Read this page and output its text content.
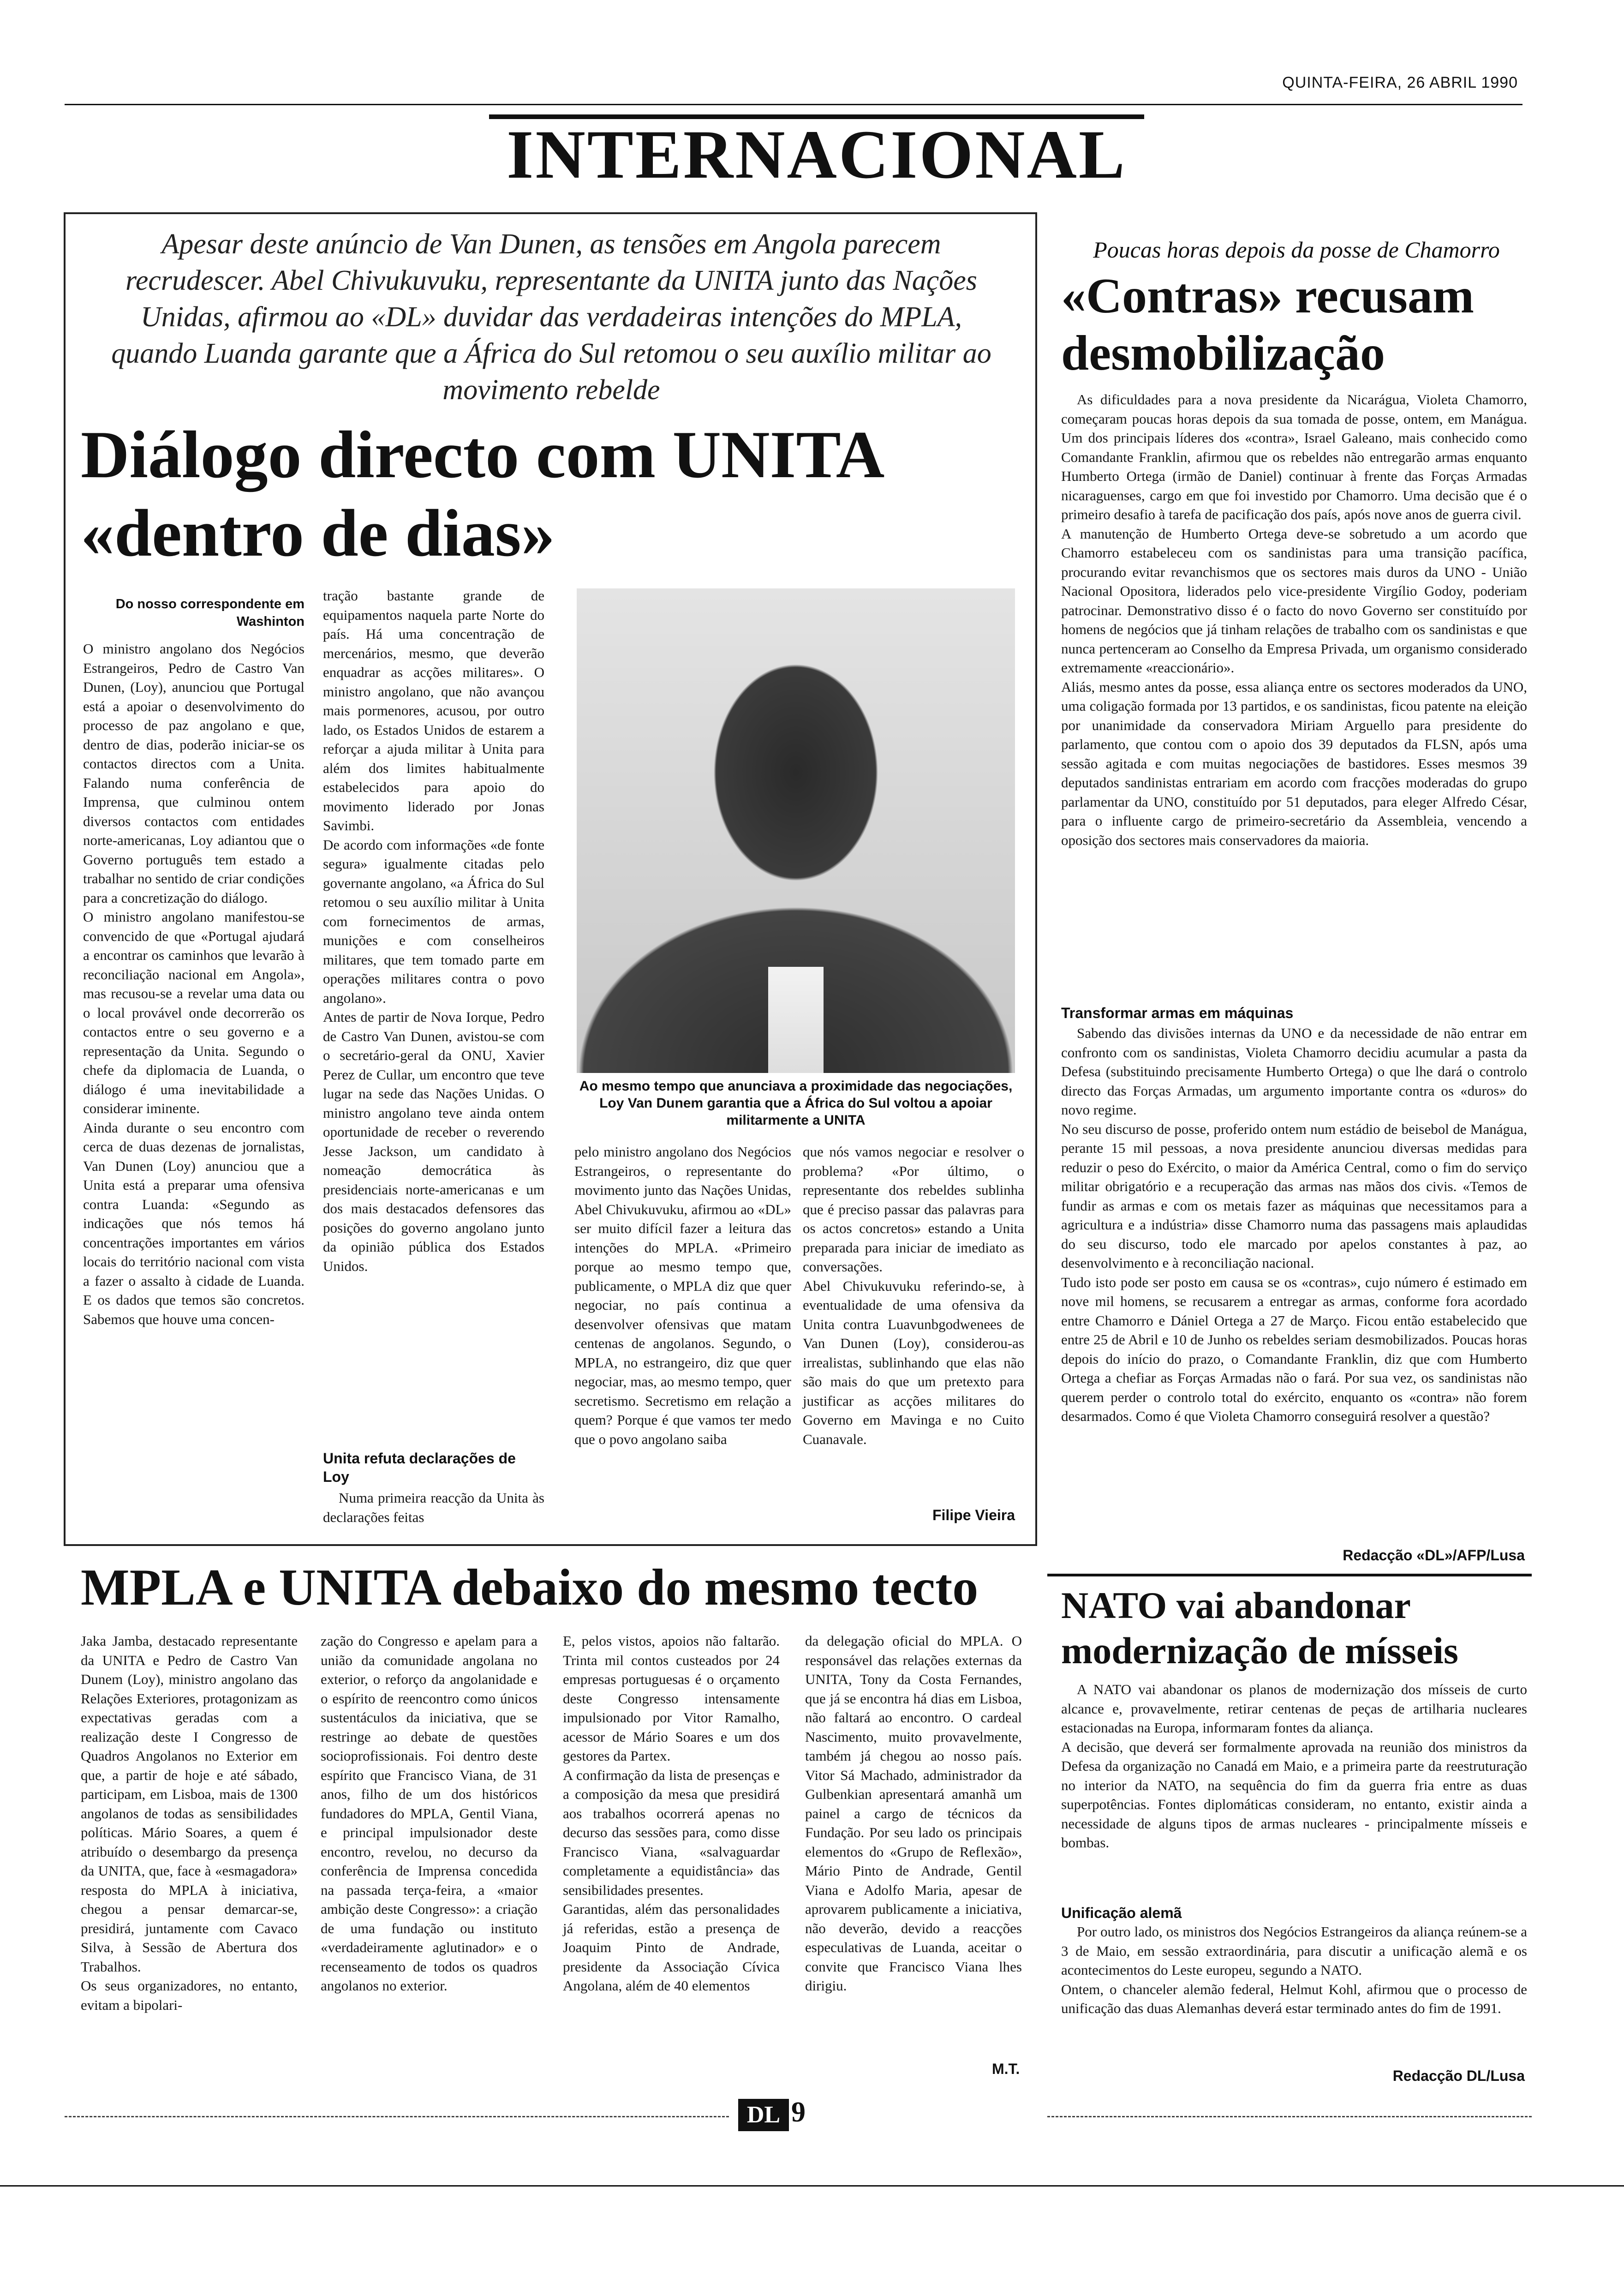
QUINTA-FEIRA, 26 ABRIL 1990
INTERNACIONAL
Apesar deste anúncio de Van Dunen, as tensões em Angola parecem recrudescer. Abel Chivukuvuku, representante da UNITA junto das Nações Unidas, afirmou ao «DL» duvidar das verdadeiras intenções do MPLA, quando Luanda garante que a África do Sul retomou o seu auxílio militar ao movimento rebelde
Diálogo directo com UNITA «dentro de dias»
Do nosso correspondente em Washinton
O ministro angolano dos Negócios Estrangeiros, Pedro de Castro Van Dunen, (Loy), anunciou que Portugal está a apoiar o desenvolvimento do processo de paz angolano e que, dentro de dias, poderão iniciar-se os contactos directos com a Unita. Falando numa conferência de Imprensa, que culminou ontem diversos contactos com entidades norte-americanas, Loy adiantou que o Governo português tem estado a trabalhar no sentido de criar condições para a concretização do diálogo.
O ministro angolano manifestou-se convencido de que «Portugal ajudará a encontrar os caminhos que levarão à reconciliação nacional em Angola», mas recusou-se a revelar uma data ou o local provável onde decorrerão os contactos entre o seu governo e a representação da Unita. Segundo o chefe da diplomacia de Luanda, o diálogo é uma inevitabilidade a considerar iminente.
Ainda durante o seu encontro com cerca de duas dezenas de jornalistas, Van Dunen (Loy) anunciou que a Unita está a preparar uma ofensiva contra Luanda: «Segundo as indicações que nós temos há concentrações importantes em vários locais do território nacional com vista a fazer o assalto à cidade de Luanda. E os dados que temos são concretos. Sabemos que houve uma concen-
tração bastante grande de equipamentos naquela parte Norte do país. Há uma concentração de mercenários, mesmo, que deverão enquadrar as acções militares». O ministro angolano, que não avançou mais pormenores, acusou, por outro lado, os Estados Unidos de estarem a reforçar a ajuda militar à Unita para além dos limites habitualmente estabelecidos para apoio do movimento liderado por Jonas Savimbi.
De acordo com informações «de fonte segura» igualmente citadas pelo governante angolano, «a África do Sul retomou o seu auxílio militar à Unita com fornecimentos de armas, munições e com conselheiros militares, que tem tomado parte em operações militares contra o povo angolano».
Antes de partir de Nova Iorque, Pedro de Castro Van Dunen, avistou-se com o secretário-geral da ONU, Xavier Perez de Cullar, um encontro que teve lugar na sede das Nações Unidas. O ministro angolano teve ainda ontem oportunidade de receber o reverendo Jesse Jackson, um candidato à nomeação democrática às presidenciais norte-americanas e um dos mais destacados defensores das posições do governo angolano junto da opinião pública dos Estados Unidos.
Unita refuta declarações de Loy
Numa primeira reacção da Unita às declarações feitas
Ao mesmo tempo que anunciava a proximidade das negociações, Loy Van Dunem garantia que a África do Sul voltou a apoiar militarmente a UNITA
pelo ministro angolano dos Negócios Estrangeiros, o representante do movimento junto das Nações Unidas, Abel Chivukuvuku, afirmou ao «DL» ser muito difícil fazer a leitura das intenções do MPLA. «Primeiro porque ao mesmo tempo que, publicamente, o MPLA diz que quer negociar, no país continua a desenvolver ofensivas que matam centenas de angolanos. Segundo, o MPLA, no estrangeiro, diz que quer negociar, mas, ao mesmo tempo, quer secretismo. Secretismo em relação a quem? Porque é que vamos ter medo que o povo angolano saiba
que nós vamos negociar e resolver o problema? «Por último, o representante dos rebeldes sublinha que é preciso passar das palavras para os actos concretos» estando a Unita preparada para iniciar de imediato as conversações.
Abel Chivukuvuku referindo-se, à eventualidade de uma ofensiva da Unita contra Luavunbgodwenees de Van Dunen (Loy), considerou-as irrealistas, sublinhando que elas não são mais do que um pretexto para justificar as acções militares do Governo em Mavinga e no Cuito Cuanavale.
Filipe Vieira
MPLA e UNITA debaixo do mesmo tecto
Jaka Jamba, destacado representante da UNITA e Pedro de Castro Van Dunem (Loy), ministro angolano das Relações Exteriores, protagonizam as expectativas geradas com a realização deste I Congresso de Quadros Angolanos no Exterior em que, a partir de hoje e até sábado, participam, em Lisboa, mais de 1300 angolanos de todas as sensibilidades políticas. Mário Soares, a quem é atribuído o desembargo da presença da UNITA, que, face à «esmagadora» resposta do MPLA à iniciativa, chegou a pensar demarcar-se, presidirá, juntamente com Cavaco Silva, à Sessão de Abertura dos Trabalhos.
Os seus organizadores, no entanto, evitam a bipolari-
zação do Congresso e apelam para a união da comunidade angolana no exterior, o reforço da angolanidade e o espírito de reencontro como únicos sustentáculos da iniciativa, que se restringe ao debate de questões socioprofissionais. Foi dentro deste espírito que Francisco Viana, de 31 anos, filho de um dos históricos fundadores do MPLA, Gentil Viana, e principal impulsionador deste encontro, revelou, no decurso da conferência de Imprensa concedida na passada terça-feira, a «maior ambição deste Congresso»: a criação de uma fundação ou instituto «verdadeiramente aglutinador» e o recenseamento de todos os quadros angolanos no exterior.
E, pelos vistos, apoios não faltarão. Trinta mil contos custeados por 24 empresas portuguesas é o orçamento deste Congresso intensamente impulsionado por Vitor Ramalho, acessor de Mário Soares e um dos gestores da Partex.
A confirmação da lista de presenças e a composição da mesa que presidirá aos trabalhos ocorrerá apenas no decurso das sessões para, como disse Francisco Viana, «salvaguardar completamente a equidistância» das sensibilidades presentes.
Garantidas, além das personalidades já referidas, estão a presença de Joaquim Pinto de Andrade, presidente da Associação Cívica Angolana, além de 40 elementos
da delegação oficial do MPLA. O responsável das relações externas da UNITA, Tony da Costa Fernandes, que já se encontra há dias em Lisboa, não faltará ao encontro. O cardeal Nascimento, muito provavelmente, também já chegou ao nosso país. Vitor Sá Machado, administrador da Gulbenkian apresentará amanhã um painel a cargo de técnicos da Fundação. Por seu lado os principais elementos do «Grupo de Reflexão», Mário Pinto de Andrade, Gentil Viana e Adolfo Maria, apesar de aprovarem publicamente a iniciativa, não deverão, devido a reacções especulativas de Luanda, aceitar o convite que Francisco Viana lhes dirigiu.
M.T.
Poucas horas depois da posse de Chamorro
«Contras» recusam desmobilização
As dificuldades para a nova presidente da Nicarágua, Violeta Chamorro, começaram poucas horas depois da sua tomada de posse, ontem, em Manágua. Um dos principais líderes dos «contra», Israel Galeano, mais conhecido como Comandante Franklin, afirmou que os rebeldes não entregarão armas enquanto Humberto Ortega (irmão de Daniel) continuar à frente das Forças Armadas nicaraguenses, cargo em que foi investido por Chamorro. Uma decisão que é o primeiro desafio à tarefa de pacificação dos país, após nove anos de guerra civil.
A manutenção de Humberto Ortega deve-se sobretudo a um acordo que Chamorro estabeleceu com os sandinistas para uma transição pacífica, procurando evitar revanchismos que os sectores mais duros da UNO - União Nacional Opositora, liderados pelo vice-presidente Virgílio Godoy, poderiam patrocinar. Demonstrativo disso é o facto do novo Governo ser constituído por homens de negócios que já tinham relações de trabalho com os sandinistas e que nunca pertenceram ao Conselho da Empresa Privada, um organismo considerado extremamente «reaccionário».
Aliás, mesmo antes da posse, essa aliança entre os sectores moderados da UNO, uma coligação formada por 13 partidos, e os sandinistas, ficou patente na eleição por unanimidade da conservadora Miriam Arguello para presidente do parlamento, que contou com o apoio dos 39 deputados da FLSN, após uma sessão agitada e com muitas negociações de bastidores. Esses mesmos 39 deputados sandinistas entrariam em acordo com fracções moderadas do grupo parlamentar da UNO, constituído por 51 deputados, para eleger Alfredo César, para o influente cargo de primeiro-secretário da Assembleia, vencendo a oposição dos sectores mais conservadores da maioria.
Transformar armas em máquinas
Sabendo das divisões internas da UNO e da necessidade de não entrar em confronto com os sandinistas, Violeta Chamorro decidiu acumular a pasta da Defesa (substituindo precisamente Humberto Ortega) o que lhe dará o controlo directo das Forças Armadas, um argumento importante contra os «duros» do novo regime.
No seu discurso de posse, proferido ontem num estádio de beisebol de Manágua, perante 15 mil pessoas, a nova presidente anunciou diversas medidas para reduzir o peso do Exército, o maior da América Central, como o fim do serviço militar obrigatório e a recuperação das armas nas mãos dos civis. «Temos de fundir as armas e com os metais fazer as máquinas que necessitamos para a agricultura e a indústria» disse Chamorro numa das passagens mais aplaudidas do seu discurso, todo ele marcado por apelos constantes à paz, ao desenvolvimento e à reconciliação nacional.
Tudo isto pode ser posto em causa se os «contras», cujo número é estimado em nove mil homens, se recusarem a entregar as armas, conforme fora acordado entre Chamorro e Dániel Ortega a 27 de Março. Ficou então estabelecido que entre 25 de Abril e 10 de Junho os rebeldes seriam desmobilizados. Poucas horas depois do início do prazo, o Comandante Franklin, diz que com Humberto Ortega a chefiar as Forças Armadas não o fará. Por sua vez, os sandinistas não querem perder o controlo total do exército, enquanto os «contra» não forem desarmados. Como é que Violeta Chamorro conseguirá resolver a questão?
Redacção «DL»/AFP/Lusa
NATO vai abandonar modernização de mísseis
A NATO vai abandonar os planos de modernização dos mísseis de curto alcance e, provavelmente, retirar centenas de peças de artilharia nucleares estacionadas na Europa, informaram fontes da aliança.
A decisão, que deverá ser formalmente aprovada na reunião dos ministros da Defesa da organização no Canadá em Maio, e a primeira parte da reestruturação no interior da NATO, na sequência do fim da guerra fria entre as duas superpotências. Fontes diplomáticas consideram, no entanto, existir ainda a necessidade de alguns tipos de armas nucleares - principalmente mísseis e bombas.
Unificação alemã
Por outro lado, os ministros dos Negócios Estrangeiros da aliança reúnem-se a 3 de Maio, em sessão extraordinária, para discutir a unificação alemã e os acontecimentos do Leste europeu, segundo a NATO.
Ontem, o chanceler alemão federal, Helmut Kohl, afirmou que o processo de unificação das duas Alemanhas deverá estar terminado antes do fim de 1991.
Redacção DL/Lusa
DL 9
